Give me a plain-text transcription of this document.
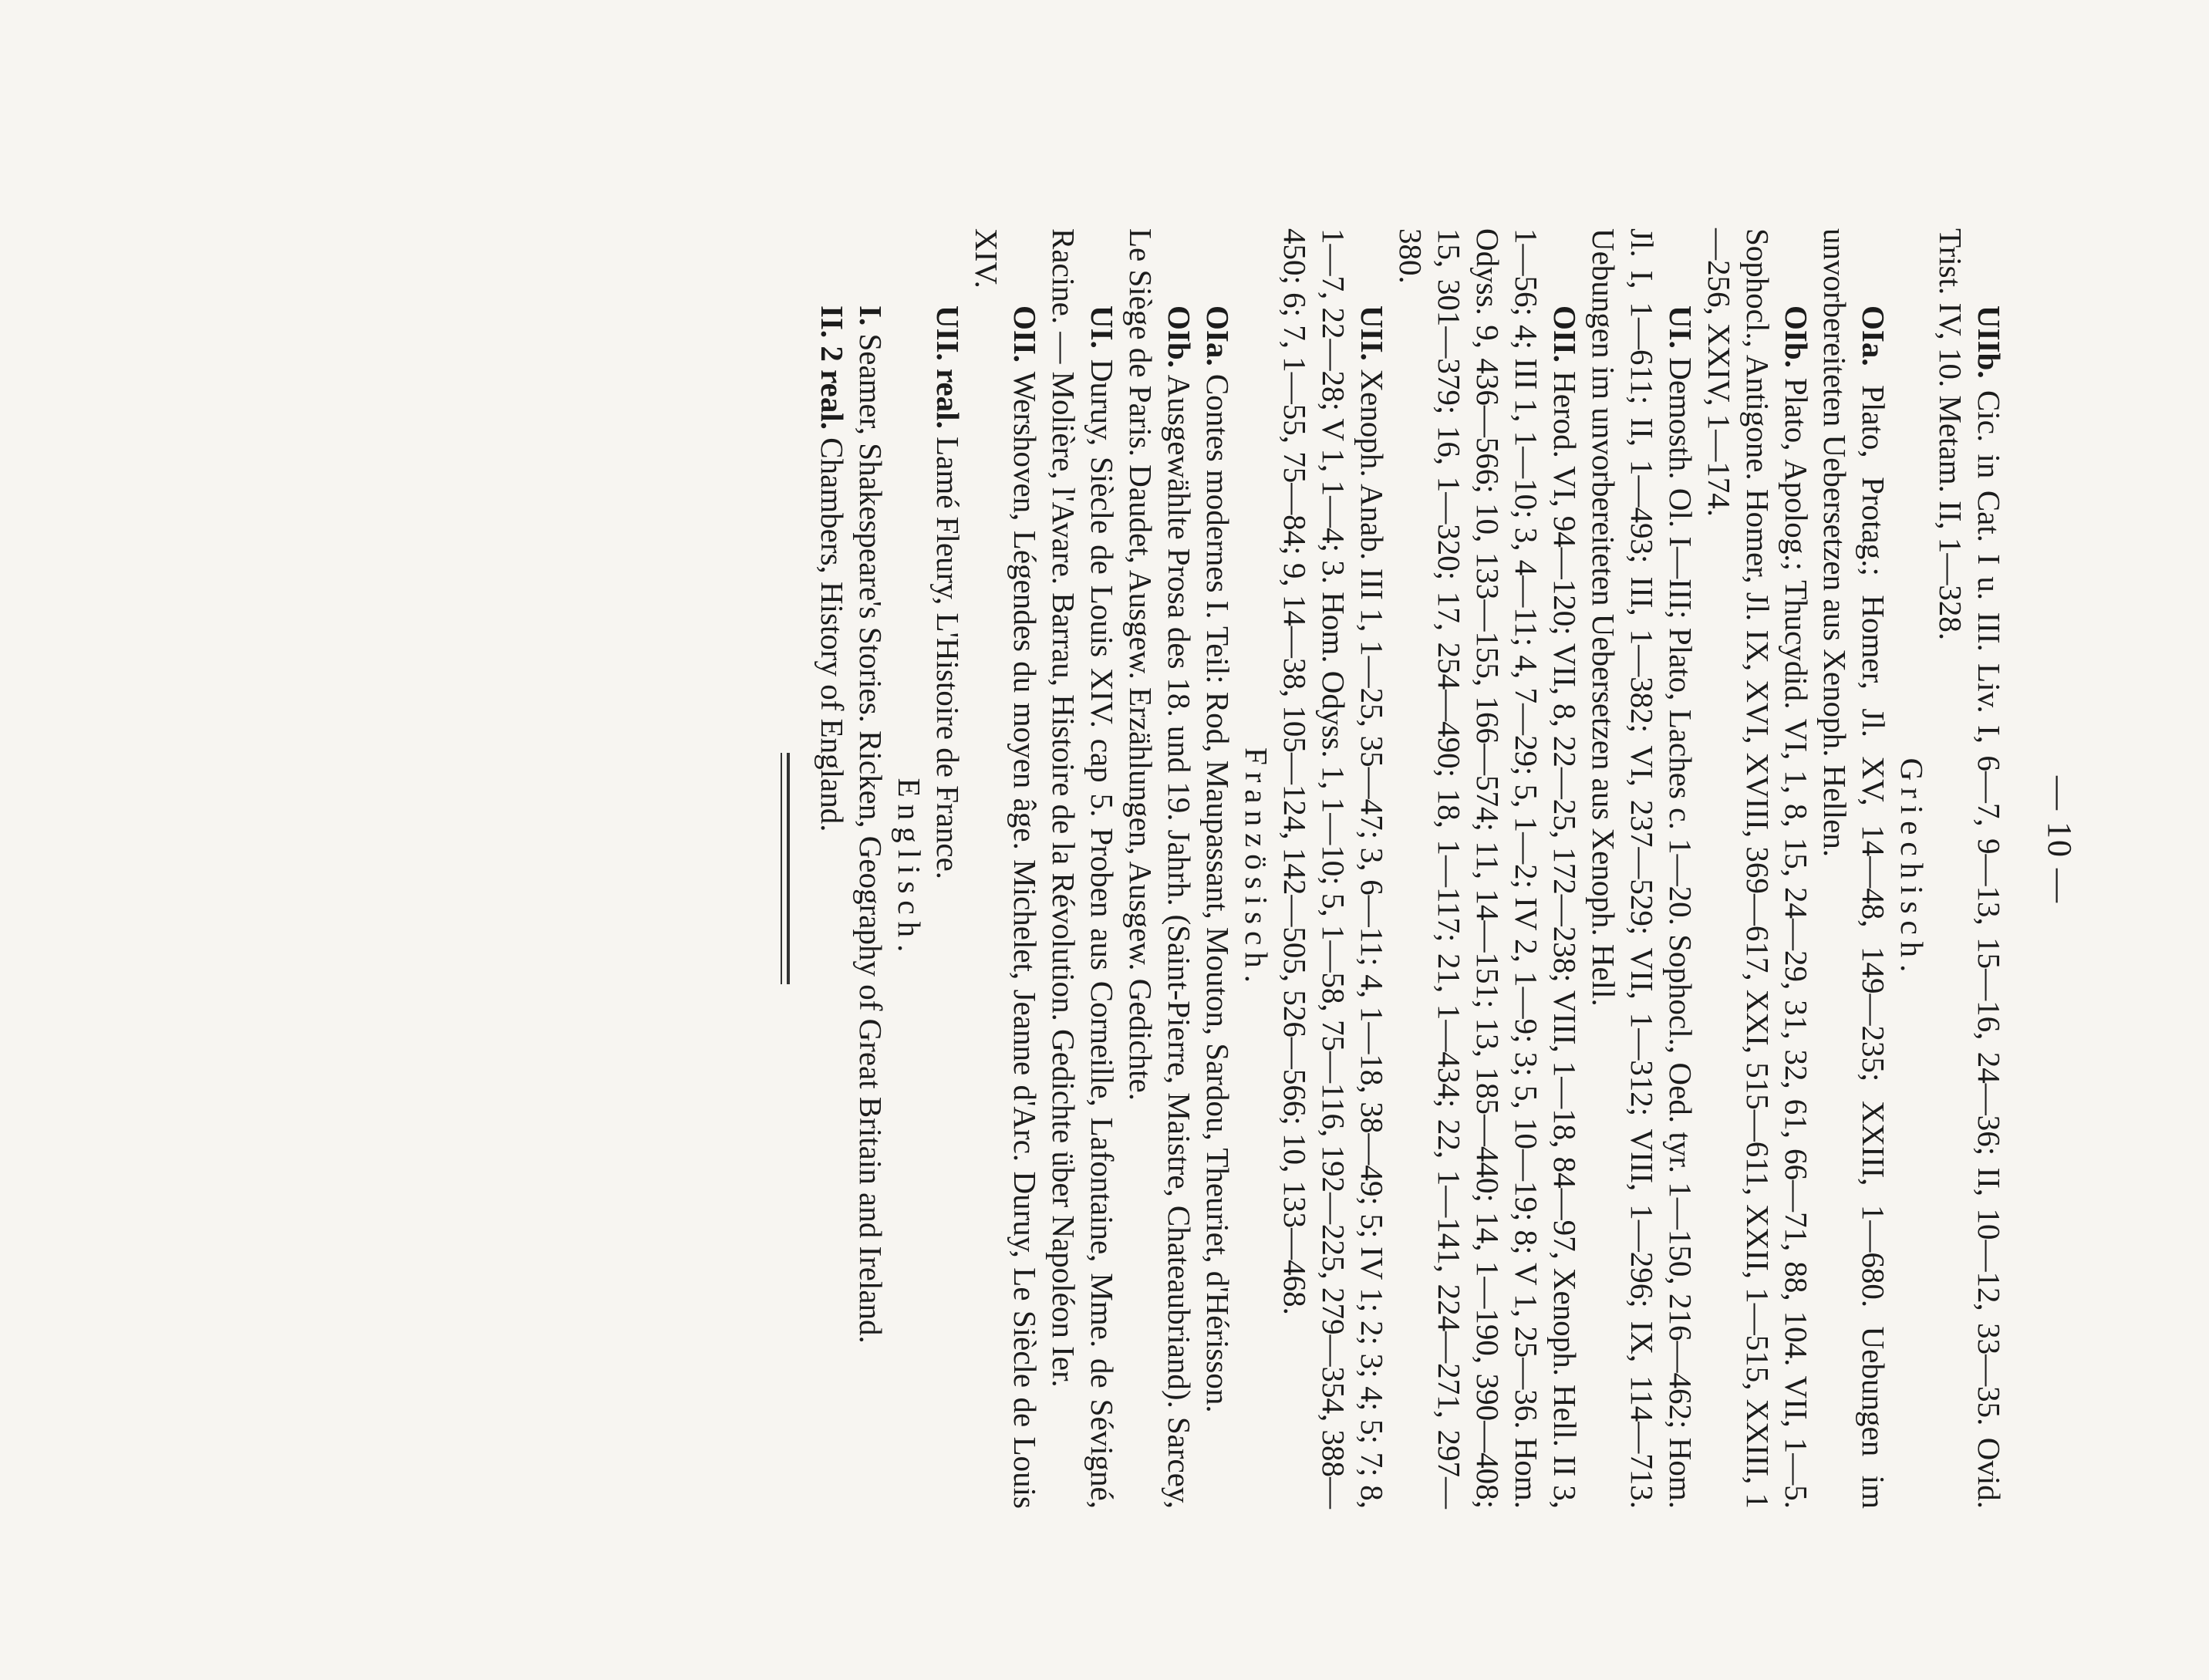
— 10 —

UIIb. Cic. in Cat. I u. III. Liv. I, 6—7, 9—13, 15—16, 24—36; II, 10—12, 33—35. Ovid. Trist. IV, 10. Metam. II, 1—328.

Griechisch.

OIa. Plato, Protag.; Homer, Jl. XV, 14—48, 149—235; XXIII, 1—680. Uebungen im unvorbereiteten Uebersetzen aus Xenoph. Hellen.

OIb. Plato, Apolog.; Thucydid. VI, 1, 8, 15, 24—29, 31, 32, 61, 66—71, 88, 104. VII, 1—5. Sophocl., Antigone. Homer, Jl. IX, XVI, XVIII, 369—617, XXI, 515—611, XXII, 1—515, XXIII, 1—256, XXIV, 1—174.

UI. Demosth. Ol. I—III; Plato, Laches c. 1—20. Sophocl., Oed. tyr. 1—150, 216—462; Hom. Jl. I, 1—611; II, 1—493; III, 1—382; VI, 237—529; VII, 1—312; VIII, 1—296; IX, 114—713. Uebungen im unvorbereiteten Uebersetzen aus Xenoph. Hell.

OII. Herod. VI, 94—120; VII, 8, 22—25, 172—238; VIII, 1—18, 84—97, Xenoph. Hell. II 3, 1—56; 4; III 1, 1—10; 3, 4—11; 4, 7—29; 5, 1—2; IV 2, 1—9; 3; 5, 10—19; 8; V 1, 25—36. Hom. Odyss. 9, 436—566; 10, 133—155, 166—574; 11, 14—151; 13, 185—440; 14, 1—190, 390—408; 15, 301—379; 16, 1—320; 17, 254—490; 18, 1—117; 21, 1—434; 22, 1—141, 224—271, 297—380.

UII. Xenoph. Anab. III 1, 1—25, 35—47; 3, 6—11; 4, 1—18, 38—49; 5; IV 1; 2; 3; 4; 5; 7; 8, 1—7, 22—28; V 1, 1—4; 3. Hom. Odyss. 1, 1—10; 5, 1—58, 75—116, 192—225, 279—354, 388—450; 6; 7, 1—55, 75—84; 9, 14—38, 105—124, 142—505, 526—566; 10, 133—468.

Französisch.

OIa. Contes modernes I. Teil: Rod, Maupassant, Mouton, Sardou, Theuriet, d'Hérisson.

OIb. Ausgewählte Prosa des 18. und 19. Jahrh. (Saint-Pierre, Maistre, Chateaubriand). Sarcey, Le Siège de Paris. Daudet, Ausgew. Erzählungen, Ausgew. Gedichte.

UI. Duruy, Siècle de Louis XIV. cap 5. Proben aus Corneille, Lafontaine, Mme. de Sévigné, Racine. — Molière, l'Avare. Barrau, Histoire de la Révolution. Gedichte über Napoléon Ier.

OII. Wershoven, Légendes du moyen âge. Michelet, Jeanne d'Arc. Duruy, Le Siècle de Louis XIV.

UII. real. Lamé Fleury, L'Histoire de France.

Englisch.

I. Seamer, Shakespeare's Stories. Ricken, Geography of Great Britain and Ireland.

II. 2 real. Chambers, History of England.
